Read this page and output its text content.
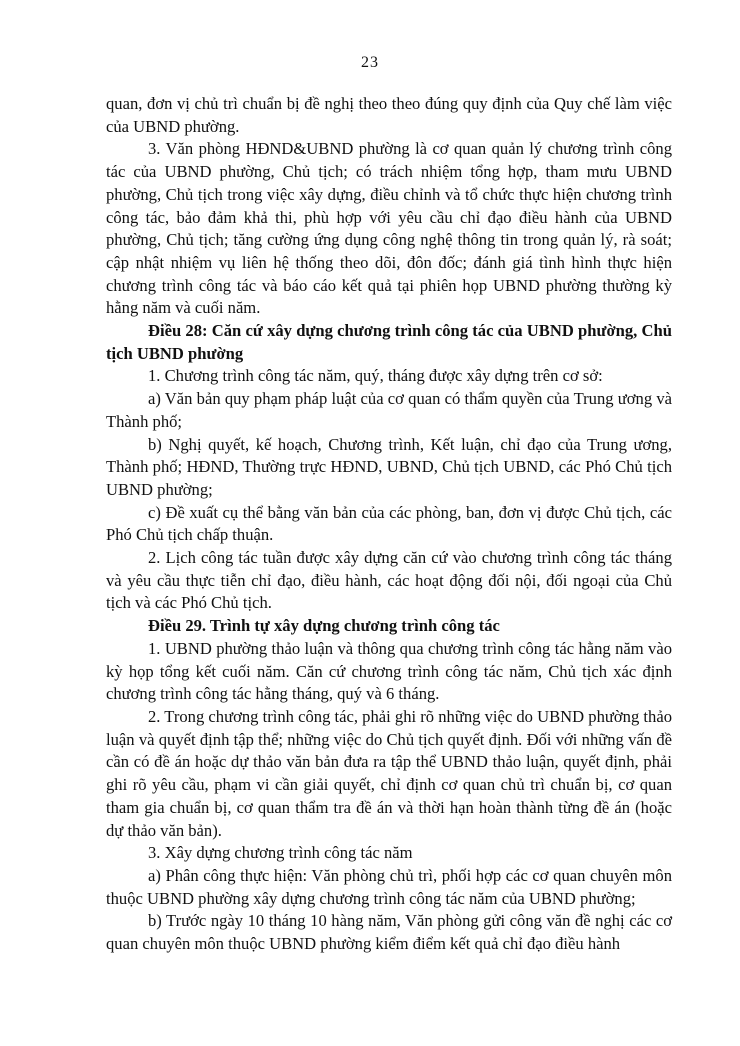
23

quan, đơn vị chủ trì chuẩn bị đề nghị theo theo đúng quy định của Quy chế làm việc của UBND phường.

3. Văn phòng HĐND&UBND phường là cơ quan quản lý chương trình công tác của UBND phường, Chủ tịch; có trách nhiệm tổng hợp, tham mưu UBND phường, Chủ tịch trong việc xây dựng, điều chỉnh và tổ chức thực hiện chương trình công tác, bảo đảm khả thi, phù hợp với yêu cầu chỉ đạo điều hành của UBND phường, Chủ tịch; tăng cường ứng dụng công nghệ thông tin trong quản lý, rà soát; cập nhật nhiệm vụ liên hệ thống theo dõi, đôn đốc; đánh giá tình hình thực hiện chương trình công tác và báo cáo kết quả tại phiên họp UBND phường thường kỳ hằng năm và cuối năm.

Điều 28: Căn cứ xây dựng chương trình công tác của UBND phường, Chủ tịch UBND phường

1. Chương trình công tác năm, quý, tháng được xây dựng trên cơ sở:

a) Văn bản quy phạm pháp luật của cơ quan có thẩm quyền của Trung ương và Thành phố;

b) Nghị quyết, kế hoạch, Chương trình, Kết luận, chỉ đạo của Trung ương, Thành phố; HĐND, Thường trực HĐND, UBND, Chủ tịch UBND, các Phó Chủ tịch UBND phường;

c) Đề xuất cụ thể bằng văn bản của các phòng, ban, đơn vị được Chủ tịch, các Phó Chủ tịch chấp thuận.

2. Lịch công tác tuần được xây dựng căn cứ vào chương trình công tác tháng và yêu cầu thực tiễn chỉ đạo, điều hành, các hoạt động đối nội, đối ngoại của Chủ tịch và các Phó Chủ tịch.

Điều 29. Trình tự xây dựng chương trình công tác

1. UBND phường thảo luận và thông qua chương trình công tác hằng năm vào kỳ họp tổng kết cuối năm. Căn cứ chương trình công tác năm, Chủ tịch xác định chương trình công tác hằng tháng, quý và 6 tháng.

2. Trong chương trình công tác, phải ghi rõ những việc do UBND phường thảo luận và quyết định tập thể; những việc do Chủ tịch quyết định. Đối với những vấn đề cần có đề án hoặc dự thảo văn bản đưa ra tập thể UBND thảo luận, quyết định, phải ghi rõ yêu cầu, phạm vi cần giải quyết, chỉ định cơ quan chủ trì chuẩn bị, cơ quan tham gia chuẩn bị, cơ quan thẩm tra đề án và thời hạn hoàn thành từng đề án (hoặc dự thảo văn bản).

3. Xây dựng chương trình công tác năm

a) Phân công thực hiện: Văn phòng chủ trì, phối hợp các cơ quan chuyên môn thuộc UBND phường xây dựng chương trình công tác năm của UBND phường;

b) Trước ngày 10 tháng 10 hàng năm, Văn phòng gửi công văn đề nghị các cơ quan chuyên môn thuộc UBND phường kiểm điểm kết quả chỉ đạo điều hành
